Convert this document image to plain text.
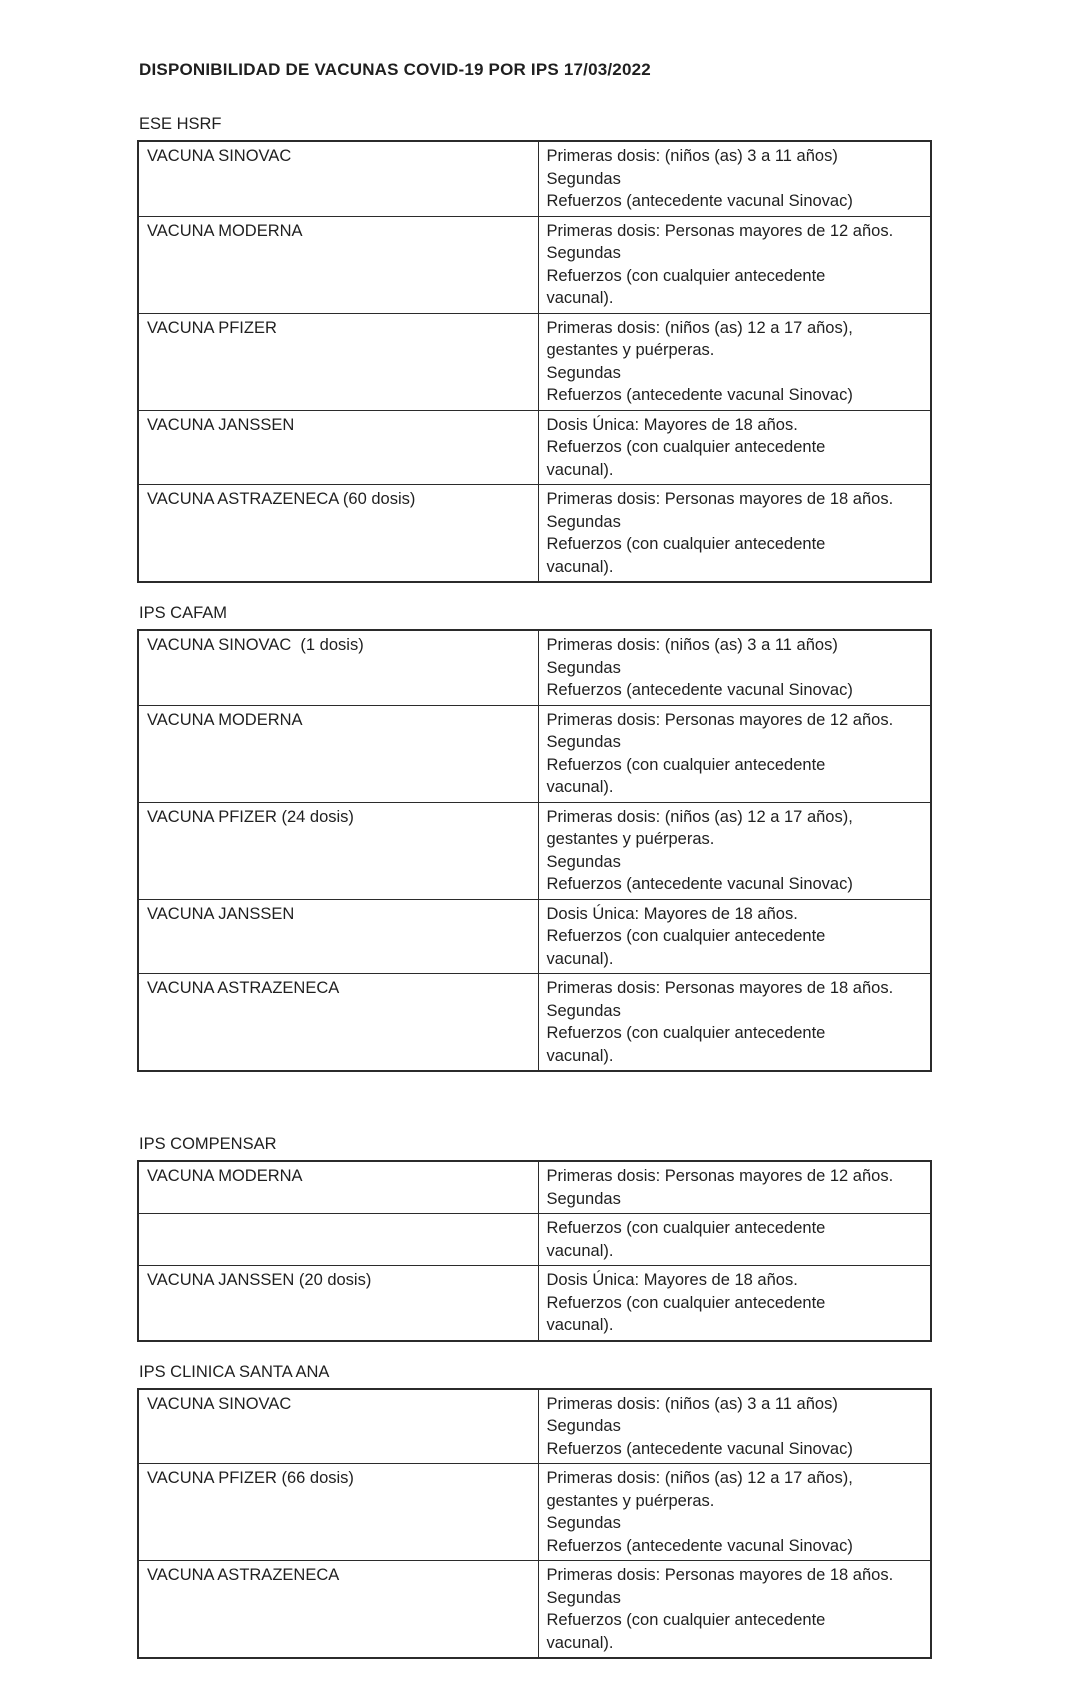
DISPONIBILIDAD DE VACUNAS COVID-19 POR IPS 17/03/2022
ESE HSRF
VACUNA SINOVAC	Primeras dosis: (niños (as) 3 a 11 años)
Segundas
Refuerzos (antecedente vacunal Sinovac)

VACUNA MODERNA	Primeras dosis: Personas mayores de 12 años.
Segundas
Refuerzos (con cualquier antecedente
vacunal).

VACUNA PFIZER	Primeras dosis: (niños (as) 12 a 17 años),
gestantes y puérperas.
Segundas
Refuerzos (antecedente vacunal Sinovac)

VACUNA JANSSEN	Dosis Única: Mayores de 18 años.
Refuerzos (con cualquier antecedente
vacunal).

VACUNA ASTRAZENECA (60 dosis)	Primeras dosis: Personas mayores de 18 años.
Segundas
Refuerzos (con cualquier antecedente
vacunal).
IPS CAFAM
VACUNA SINOVAC  (1 dosis)	Primeras dosis: (niños (as) 3 a 11 años)
Segundas
Refuerzos (antecedente vacunal Sinovac)

VACUNA MODERNA	Primeras dosis: Personas mayores de 12 años.
Segundas
Refuerzos (con cualquier antecedente
vacunal).

VACUNA PFIZER (24 dosis)	Primeras dosis: (niños (as) 12 a 17 años),
gestantes y puérperas.
Segundas
Refuerzos (antecedente vacunal Sinovac)

VACUNA JANSSEN	Dosis Única: Mayores de 18 años.
Refuerzos (con cualquier antecedente
vacunal).

VACUNA ASTRAZENECA	Primeras dosis: Personas mayores de 18 años.
Segundas
Refuerzos (con cualquier antecedente
vacunal).
IPS COMPENSAR
VACUNA MODERNA	Primeras dosis: Personas mayores de 12 años.
Segundas

	Refuerzos (con cualquier antecedente
vacunal).

VACUNA JANSSEN (20 dosis)	Dosis Única: Mayores de 18 años.
Refuerzos (con cualquier antecedente
vacunal).
IPS CLINICA SANTA ANA
VACUNA SINOVAC	Primeras dosis: (niños (as) 3 a 11 años)
Segundas
Refuerzos (antecedente vacunal Sinovac)

VACUNA PFIZER (66 dosis)	Primeras dosis: (niños (as) 12 a 17 años),
gestantes y puérperas.
Segundas
Refuerzos (antecedente vacunal Sinovac)

VACUNA ASTRAZENECA	Primeras dosis: Personas mayores de 18 años.
Segundas
Refuerzos (con cualquier antecedente
vacunal).
